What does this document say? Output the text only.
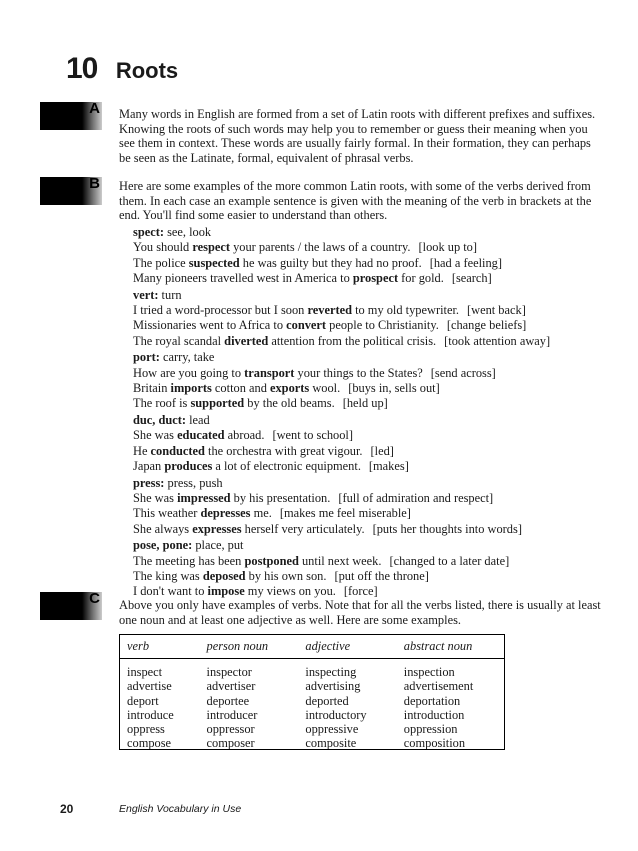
10 Roots
A Many words in English are formed from a set of Latin roots with different prefixes and suffixes. Knowing the roots of such words may help you to remember or guess their meaning when you see them in context. These words are usually fairly formal. In their formation, they can perhaps be seen as the Latinate, formal, equivalent of phrasal verbs.

B Here are some examples of the more common Latin roots, with some of the verbs derived from them. In each case an example sentence is given with the meaning of the verb in brackets at the end. You'll find some easier to understand than others.

spect: see, look
You should respect your parents / the laws of a country. [look up to]
The police suspected he was guilty but they had no proof. [had a feeling]
Many pioneers travelled west in America to prospect for gold. [search]
vert: turn
I tried a word-processor but I soon reverted to my old typewriter. [went back]
Missionaries went to Africa to convert people to Christianity. [change beliefs]
The royal scandal diverted attention from the political crisis. [took attention away]
port: carry, take
How are you going to transport your things to the States? [send across]
Britain imports cotton and exports wool. [buys in, sells out]
The roof is supported by the old beams. [held up]
duc, duct: lead
She was educated abroad. [went to school]
He conducted the orchestra with great vigour. [led]
Japan produces a lot of electronic equipment. [makes]
press: press, push
She was impressed by his presentation. [full of admiration and respect]
This weather depresses me. [makes me feel miserable]
She always expresses herself very articulately. [puts her thoughts into words]
pose, pone: place, put
The meeting has been postponed until next week. [changed to a later date]
The king was deposed by his own son. [put off the throne]
I don't want to impose my views on you. [force]
C Above you only have examples of verbs. Note that for all the verbs listed, there is usually at least one noun and at least one adjective as well. Here are some examples.

verb	person noun	adjective	abstract noun
inspect	inspector	inspecting	inspection
advertise	advertiser	advertising	advertisement
deport	deportee	deported	deportation
introduce	introducer	introductory	introduction
oppress	oppressor	oppressive	oppression
compose	composer	composite	composition
20	English Vocabulary in Use
